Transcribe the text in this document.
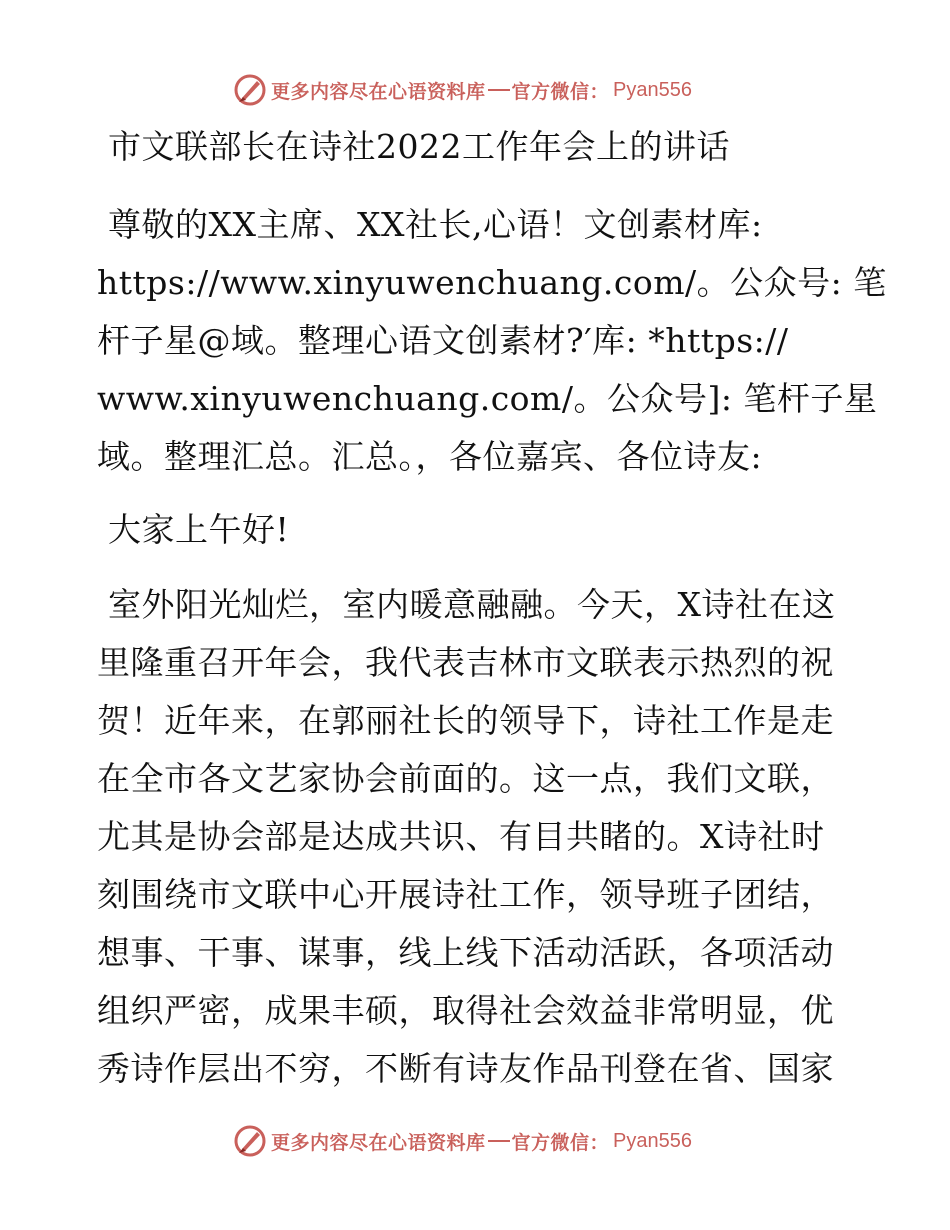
更多内容尽在心语资料库 官方微信： Pyan556

市文联部长在诗社2022工作年会上的讲话

尊敬的XX主席、XX社长,心语！文创素材库:

https://www.xinyuwenchuang.com/。公众号: 笔

杆子星@域。整理心语文创素材?′库: *https://

www.xinyuwenchuang.com/。公众号]: 笔杆子星

域。整理汇总。汇总。，各位嘉宾、各位诗友:

大家上午好!

室外阳光灿烂，室内暖意融融。今天，X诗社在这

里隆重召开年会，我代表吉林市文联表示热烈的祝

贺！近年来，在郭丽社长的领导下，诗社工作是走

在全市各文艺家协会前面的。这一点，我们文联，

尤其是协会部是达成共识、有目共睹的。X诗社时

刻围绕市文联中心开展诗社工作，领导班子团结，

想事、干事、谋事，线上线下活动活跃，各项活动

组织严密，成果丰硕，取得社会效益非常明显，优

秀诗作层出不穷，不断有诗友作品刊登在省、国家

更多内容尽在心语资料库 官方微信： Pyan556
